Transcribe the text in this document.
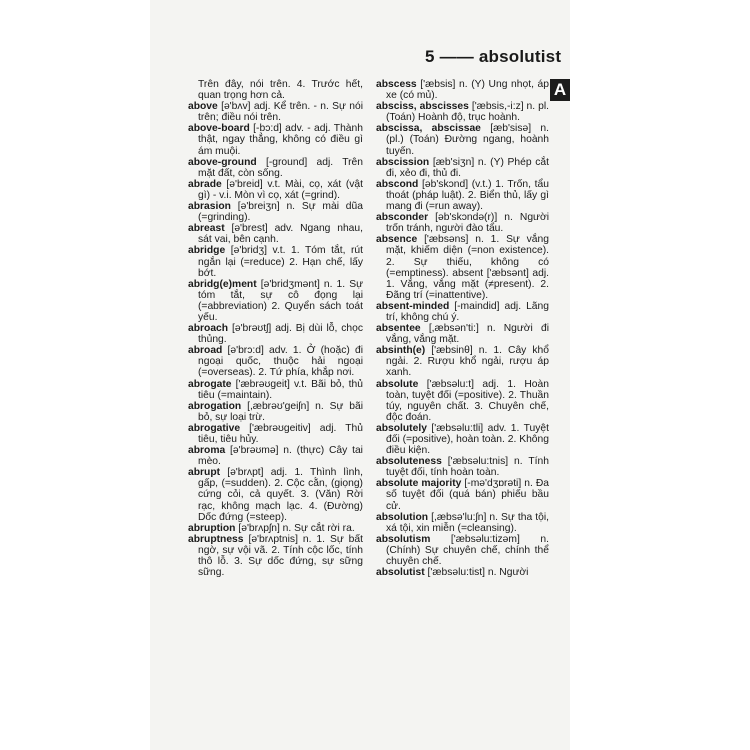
5 —— absolutist
A
Trên đây, nói trên. 4. Trước hết, quan trọng hơn cả.
above [ə'bʌv] adj. Kể trên. - n. Sự nói trên; điều nói trên.
above-board [-bɔ:d] adv. - adj. Thành thật, ngay thẳng, không có điều gì ám muội.
above-ground [-ground] adj. Trên mặt đất, còn sống.
abrade [ə'breid] v.t. Mài, cọ, xát (vật gì) - v.i. Mòn vì cọ, xát (=grind).
abrasion [ə'breiʒn] n. Sự mài dũa (=grinding).
abreast [ə'brest] adv. Ngang nhau, sát vai, bên cạnh.
abridge [ə'bridʒ] v.t. 1. Tóm tắt, rút ngắn lại (=reduce) 2. Hạn chế, lấy bớt.
abridg(e)ment [ə'bridʒmənt] n. 1. Sự tóm tắt, sự cô đọng lại (=abbreviation) 2. Quyển sách toát yếu.
abroach [ə'brəʊtʃ] adj. Bị dùi lỗ, chọc thủng.
abroad [ə'brɔ:d] adv. 1. Ở (hoặc) đi ngoại quốc, thuộc hải ngoại (=overseas). 2. Tứ phía, khắp nơi.
abrogate ['æbrəʊgeit] v.t. Bãi bỏ, thủ tiêu (=maintain).
abrogation [,æbrəʊ'geiʃn] n. Sự bãi bỏ, sự loại trừ.
abrogative ['æbrəʊgeitiv] adj. Thủ tiêu, tiêu hủy.
abroma [ə'brəʊmə] n. (thực) Cây tai mèo.
abrupt [ə'brʌpt] adj. 1. Thình lình, gấp, (=sudden). 2. Cộc cằn, (giọng) cứng cỏi, cả quyết. 3. (Văn) Rời rạc, không mạch lạc. 4. (Đường) Dốc đứng (=steep).
abruption [ə'brʌpʃn] n. Sự cắt rời ra.
abruptness [ə'brʌptnis] n. 1. Sự bất ngờ, sự vội vã. 2. Tính cộc lốc, tính thô lỗ. 3. Sự dốc đứng, sự sững sững.
abscess ['æbsis] n. (Y) Ung nhọt, áp xe (có mủ).
absciss, abscisses ['æbsis,-i:z] n. pl. (Toán) Hoành độ, trục hoành.
abscissa, abscissae [æb'sisə] n. (pl.) (Toán) Đường ngang, hoành tuyến.
abscission [æb'siʒn] n. (Y) Phép cắt đi, xẻo đi, thủ đi.
abscond [əb'skɔnd] (v.t.) 1. Trốn, tẩu thoát (pháp luật). 2. Biển thủ, lấy gì mang đi (=run away).
absconder [əb'skɔndə(r)] n. Người trốn tránh, người đào tẩu.
absence ['æbsəns] n. 1. Sự vắng mặt, khiếm diện (=non existence). 2. Sự thiếu, không có (=emptiness). absent ['æbsənt] adj. 1. Vắng, vắng mặt (≠present). 2. Đãng trí (=inattentive).
absent-minded [-maindid] adj. Lãng trí, không chú ý.
absentee [,æbsən'ti:] n. Người đi vắng, vắng mặt.
absinth(e) ['æbsinθ] n. 1. Cây khổ ngải. 2. Rượu khổ ngải, rượu áp xanh.
absolute ['æbsəlu:t] adj. 1. Hoàn toàn, tuyệt đối (=positive). 2. Thuần túy, nguyên chất. 3. Chuyên chế, độc đoán.
absolutely ['æbsəlu:tli] adv. 1. Tuyệt đối (=positive), hoàn toàn. 2. Không điều kiện.
absoluteness ['æbsəlu:tnis] n. Tính tuyệt đối, tính hoàn toàn.
absolute majority [-mə'dʒɒrəti] n. Đa số tuyệt đối (quá bán) phiếu bầu cử.
absolution [,æbsə'lu:ʃn] n. Sự tha tội, xá tội, xin miễn (=cleansing).
absolutism ['æbsəlu:tizəm] n. (Chính) Sự chuyên chế, chính thể chuyên chế.
absolutist ['æbsəlu:tist] n. Người
